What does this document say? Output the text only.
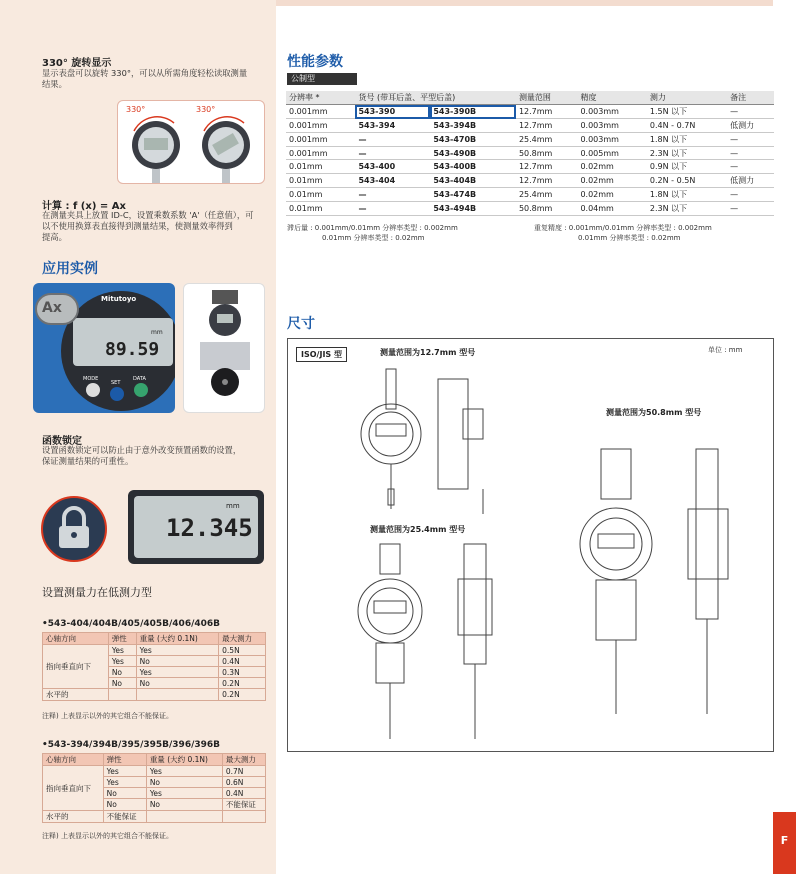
F
330° 旋转显示
显示表盘可以旋转 330°，可以从所需角度轻松读取测量
结果。
330°	330°
计算 : f (x) = Ax
在测量夹具上放置 ID-C，设置乘数系数 'A'（任意值），可
以不使用换算表直接得到测量结果，使测量效率得到
提高。
应用实例
Mitutoyo
89.59
mm
Ax
MODE
SET
DATA
函数锁定
设置函数锁定可以防止由于意外改变预置函数的设置，
保证测量结果的可重性。
12.345
mm
设置测量力在低测力型
•543-404/404B/405/405B/406/406B
心轴方向	弹性	重量 (大约 0.1N)	最大测力
指向垂直向下	Yes	Yes	0.5N
	Yes	No	0.4N
	No	Yes	0.3N
	No	No	0.2N
水平的			0.2N
注释) 上表显示以外的其它组合不能保证。
•543-394/394B/395/395B/396/396B
心轴方向	弹性	重量 (大约 0.1N)	最大测力
指向垂直向下	Yes	Yes	0.7N
	Yes	No	0.6N
	No	Yes	0.4N
	No	No	不能保证
水平的	不能保证		
注释) 上表显示以外的其它组合不能保证。
性能参数
公制型
分辨率 *	货号 (带耳后盖、平型后盖)		测量范围	精度	测力	备注
0.001mm	543-390	543-390B	12.7mm	0.003mm	1.5N 以下	—
0.001mm	543-394	543-394B	12.7mm	0.003mm	0.4N - 0.7N	低测力
0.001mm	—	543-470B	25.4mm	0.003mm	1.8N 以下	—
0.001mm	—	543-490B	50.8mm	0.005mm	2.3N 以下	—
0.01mm	543-400	543-400B	12.7mm	0.02mm	0.9N 以下	—
0.01mm	543-404	543-404B	12.7mm	0.02mm	0.2N - 0.5N	低测力
0.01mm	—	543-474B	25.4mm	0.02mm	1.8N 以下	—
0.01mm	—	543-494B	50.8mm	0.04mm	2.3N 以下	—
滞后量 : 0.001mm/0.01mm 分辨率类型 : 0.002mm
0.01mm 分辨率类型 : 0.02mm
重复精度 : 0.001mm/0.01mm 分辨率类型 : 0.002mm
0.01mm 分辨率类型 : 0.02mm
尺寸
ISO/JIS 型	测量范围为12.7mm 型号	单位 : mm
测量范围为50.8mm 型号
测量范围为25.4mm 型号
